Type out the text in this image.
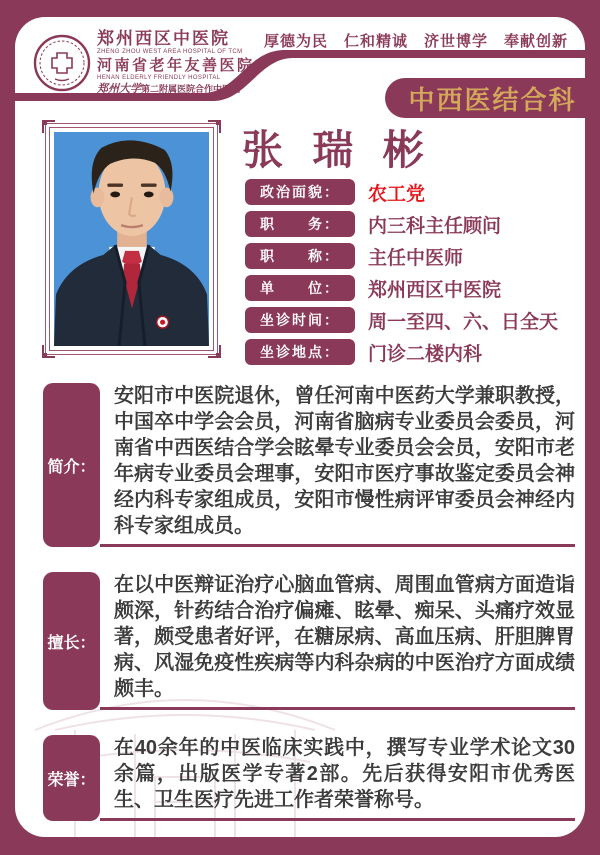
郑州西区中医院
ZHENG ZHOU WEST AREA HOSPITAL OF TCM
河南省老年友善医院
HENAN ELDERLY FRIENDLY HOSPITAL
郑州大学第二附属医院合作中医院
厚德为民　仁和精诚　济世博学　奉献创新
中西医结合科
张 瑞 彬
政治面貌：	农工党
职　　务：	内三科主任顾问
职　　称：	主任中医师
单　　位：	郑州西区中医院
坐诊时间：	周一至四、六、日全天
坐诊地点：	门诊二楼内科
简介：
安阳市中医院退休，曾任河南中医药大学兼职教授，中国卒中学会会员，河南省脑病专业委员会委员，河南省中西医结合学会眩晕专业委员会会员，安阳市老年病专业委员会理事，安阳市医疗事故鉴定委员会神经内科专家组成员，安阳市慢性病评审委员会神经内科专家组成员。
擅长：
在以中医辩证治疗心脑血管病、周围血管病方面造诣颇深，针药结合治疗偏瘫、眩晕、痴呆、头痛疗效显著，颇受患者好评，在糖尿病、高血压病、肝胆脾胃病、风湿免疫性疾病等内科杂病的中医治疗方面成绩颇丰。
荣誉：
在40余年的中医临床实践中，撰写专业学术论文30余篇，出版医学专著2部。先后获得安阳市优秀医生、卫生医疗先进工作者荣誉称号。
